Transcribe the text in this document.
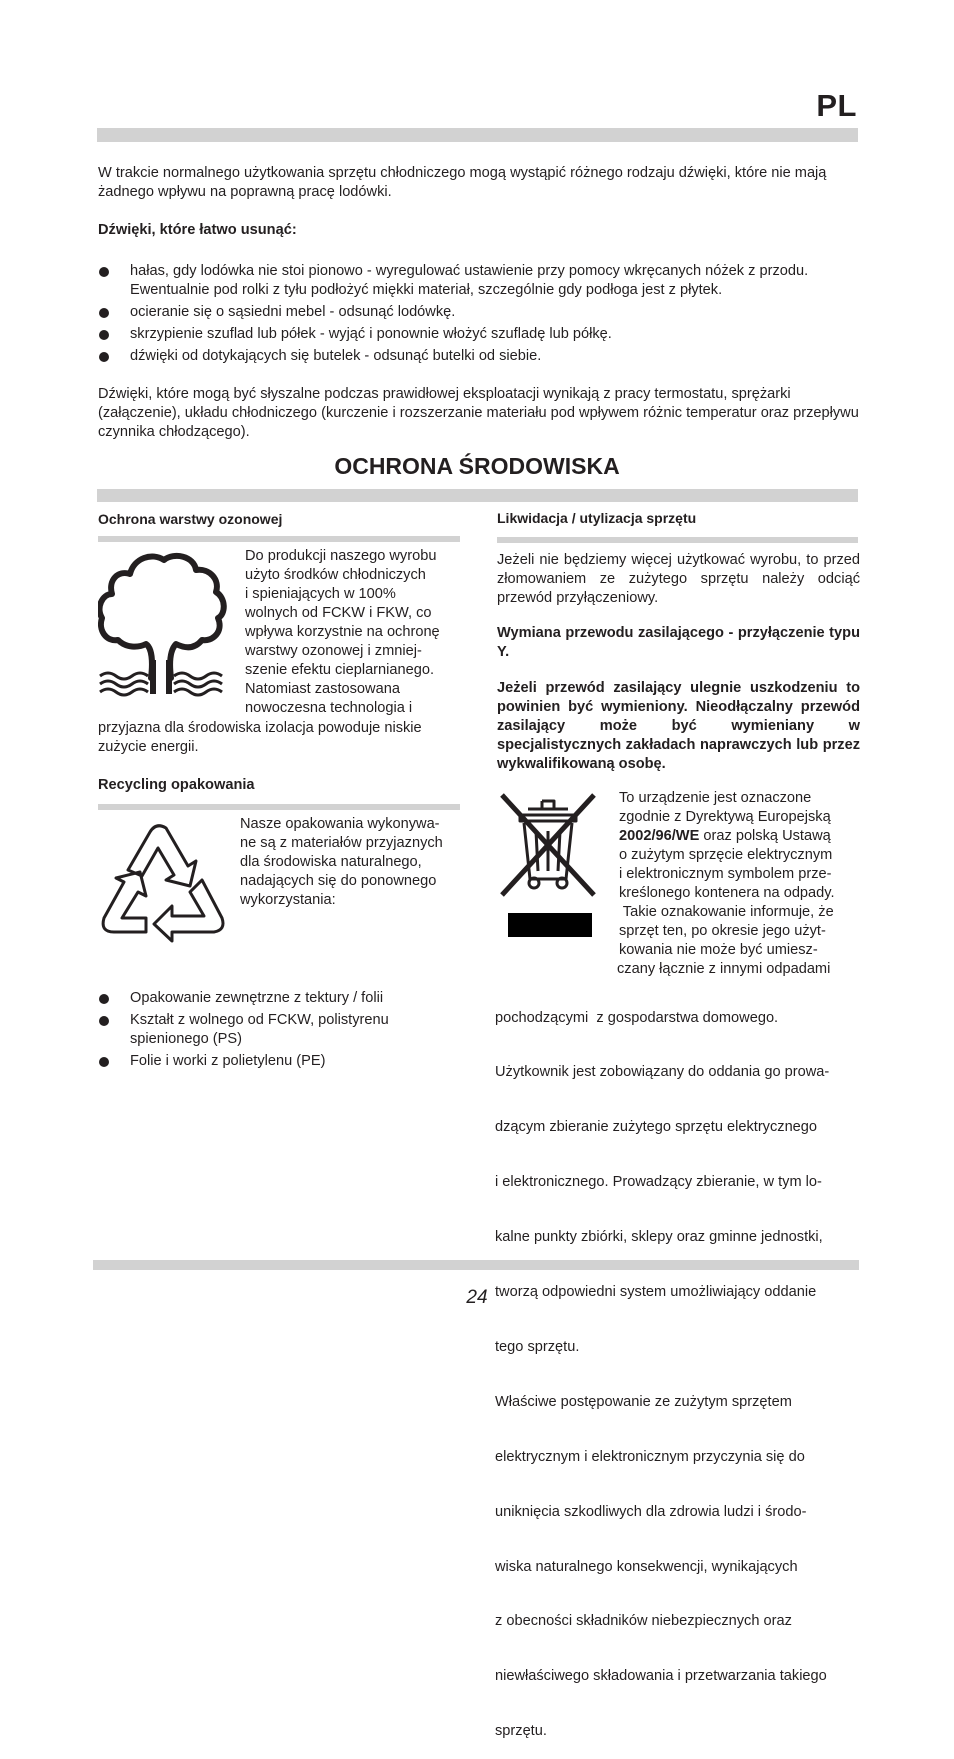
PL

W trakcie normalnego użytkowania sprzętu chłodniczego mogą wystąpić różnego rodzaju dźwięki, które nie mają żadnego wpływu na poprawną pracę lodówki.

Dźwięki, które łatwo usunąć:

hałas, gdy lodówka nie stoi pionowo - wyregulować ustawienie przy pomocy wkręcanych nóżek z przodu. Ewentualnie pod rolki z tyłu podłożyć miękki materiał, szczególnie gdy podłoga jest z płytek.
ocieranie się o sąsiedni mebel - odsunąć lodówkę.
skrzypienie szuflad lub półek - wyjąć i ponownie włożyć szufladę lub półkę.
dźwięki od dotykających się butelek - odsunąć butelki od siebie.

Dźwięki, które mogą być słyszalne podczas prawidłowej eksploatacji wynikają z pracy termostatu, sprężarki (załączenie), układu chłodniczego (kurczenie i rozszerzanie materiału pod wpływem różnic temperatur oraz przepływu czynnika chłodzącego).

OCHRONA ŚRODOWISKA

Ochrona warstwy ozonowej

Do produkcji naszego wyrobu
użyto środków chłodniczych
i spieniających w 100%
wolnych od FCKW i FKW, co
wpływa korzystnie na ochronę
warstwy ozonowej i zmniej-
szenie efektu cieplarnianego.
Natomiast zastosowana
nowoczesna technologia i

przyjazna dla środowiska izolacja powoduje niskie zużycie energii.

Recycling opakowania

Nasze opakowania wykonywa-
ne są z materiałów przyjaznych
dla środowiska naturalnego,
nadających się do ponownego
wykorzystania:
Opakowanie zewnętrzne z tektury / folii
Kształt z wolnego od FCKW, polistyrenu spienionego (PS)
Folie i worki z polietylenu (PE)

Likwidacja / utylizacja sprzętu

Jeżeli nie będziemy więcej użytkować wyrobu, to przed złomowaniem ze zużytego sprzętu należy odciąć przewód przyłączeniowy.

Wymiana przewodu zasilającego - przyłączenie typu Y.

Jeżeli przewód zasilający ulegnie uszkodzeniu to powinien być wymieniony. Nieodłączalny przewód zasilający może być wymieniany w specjalistycznych zakładach naprawczych lub przez wykwalifikowaną osobę.

To urządzenie jest oznaczone
zgodnie z Dyrektywą Europejską
2002/96/WE oraz polską Ustawą
o zużytym sprzęcie elektrycznym
i elektronicznym symbolem prze-
kreślonego kontenera na odpady.
Takie oznakowanie informuje, że
sprzęt ten, po okresie jego użyt-
kowania nie może być umiesz-
czany łącznie z innymi odpadami

pochodzącymi  z gospodarstwa domowego.

Użytkownik jest zobowiązany do oddania go prowa-

dzącym zbieranie zużytego sprzętu elektrycznego

i elektronicznego. Prowadzący zbieranie, w tym lo-

kalne punkty zbiórki, sklepy oraz gminne jednostki,

tworzą odpowiedni system umożliwiający oddanie

tego sprzętu.

Właściwe postępowanie ze zużytym sprzętem

elektrycznym i elektronicznym przyczynia się do

uniknięcia szkodliwych dla zdrowia ludzi i środo-

wiska naturalnego konsekwencji, wynikających

z obecności składników niebezpiecznych oraz

niewłaściwego składowania i przetwarzania takiego

sprzętu.

24
